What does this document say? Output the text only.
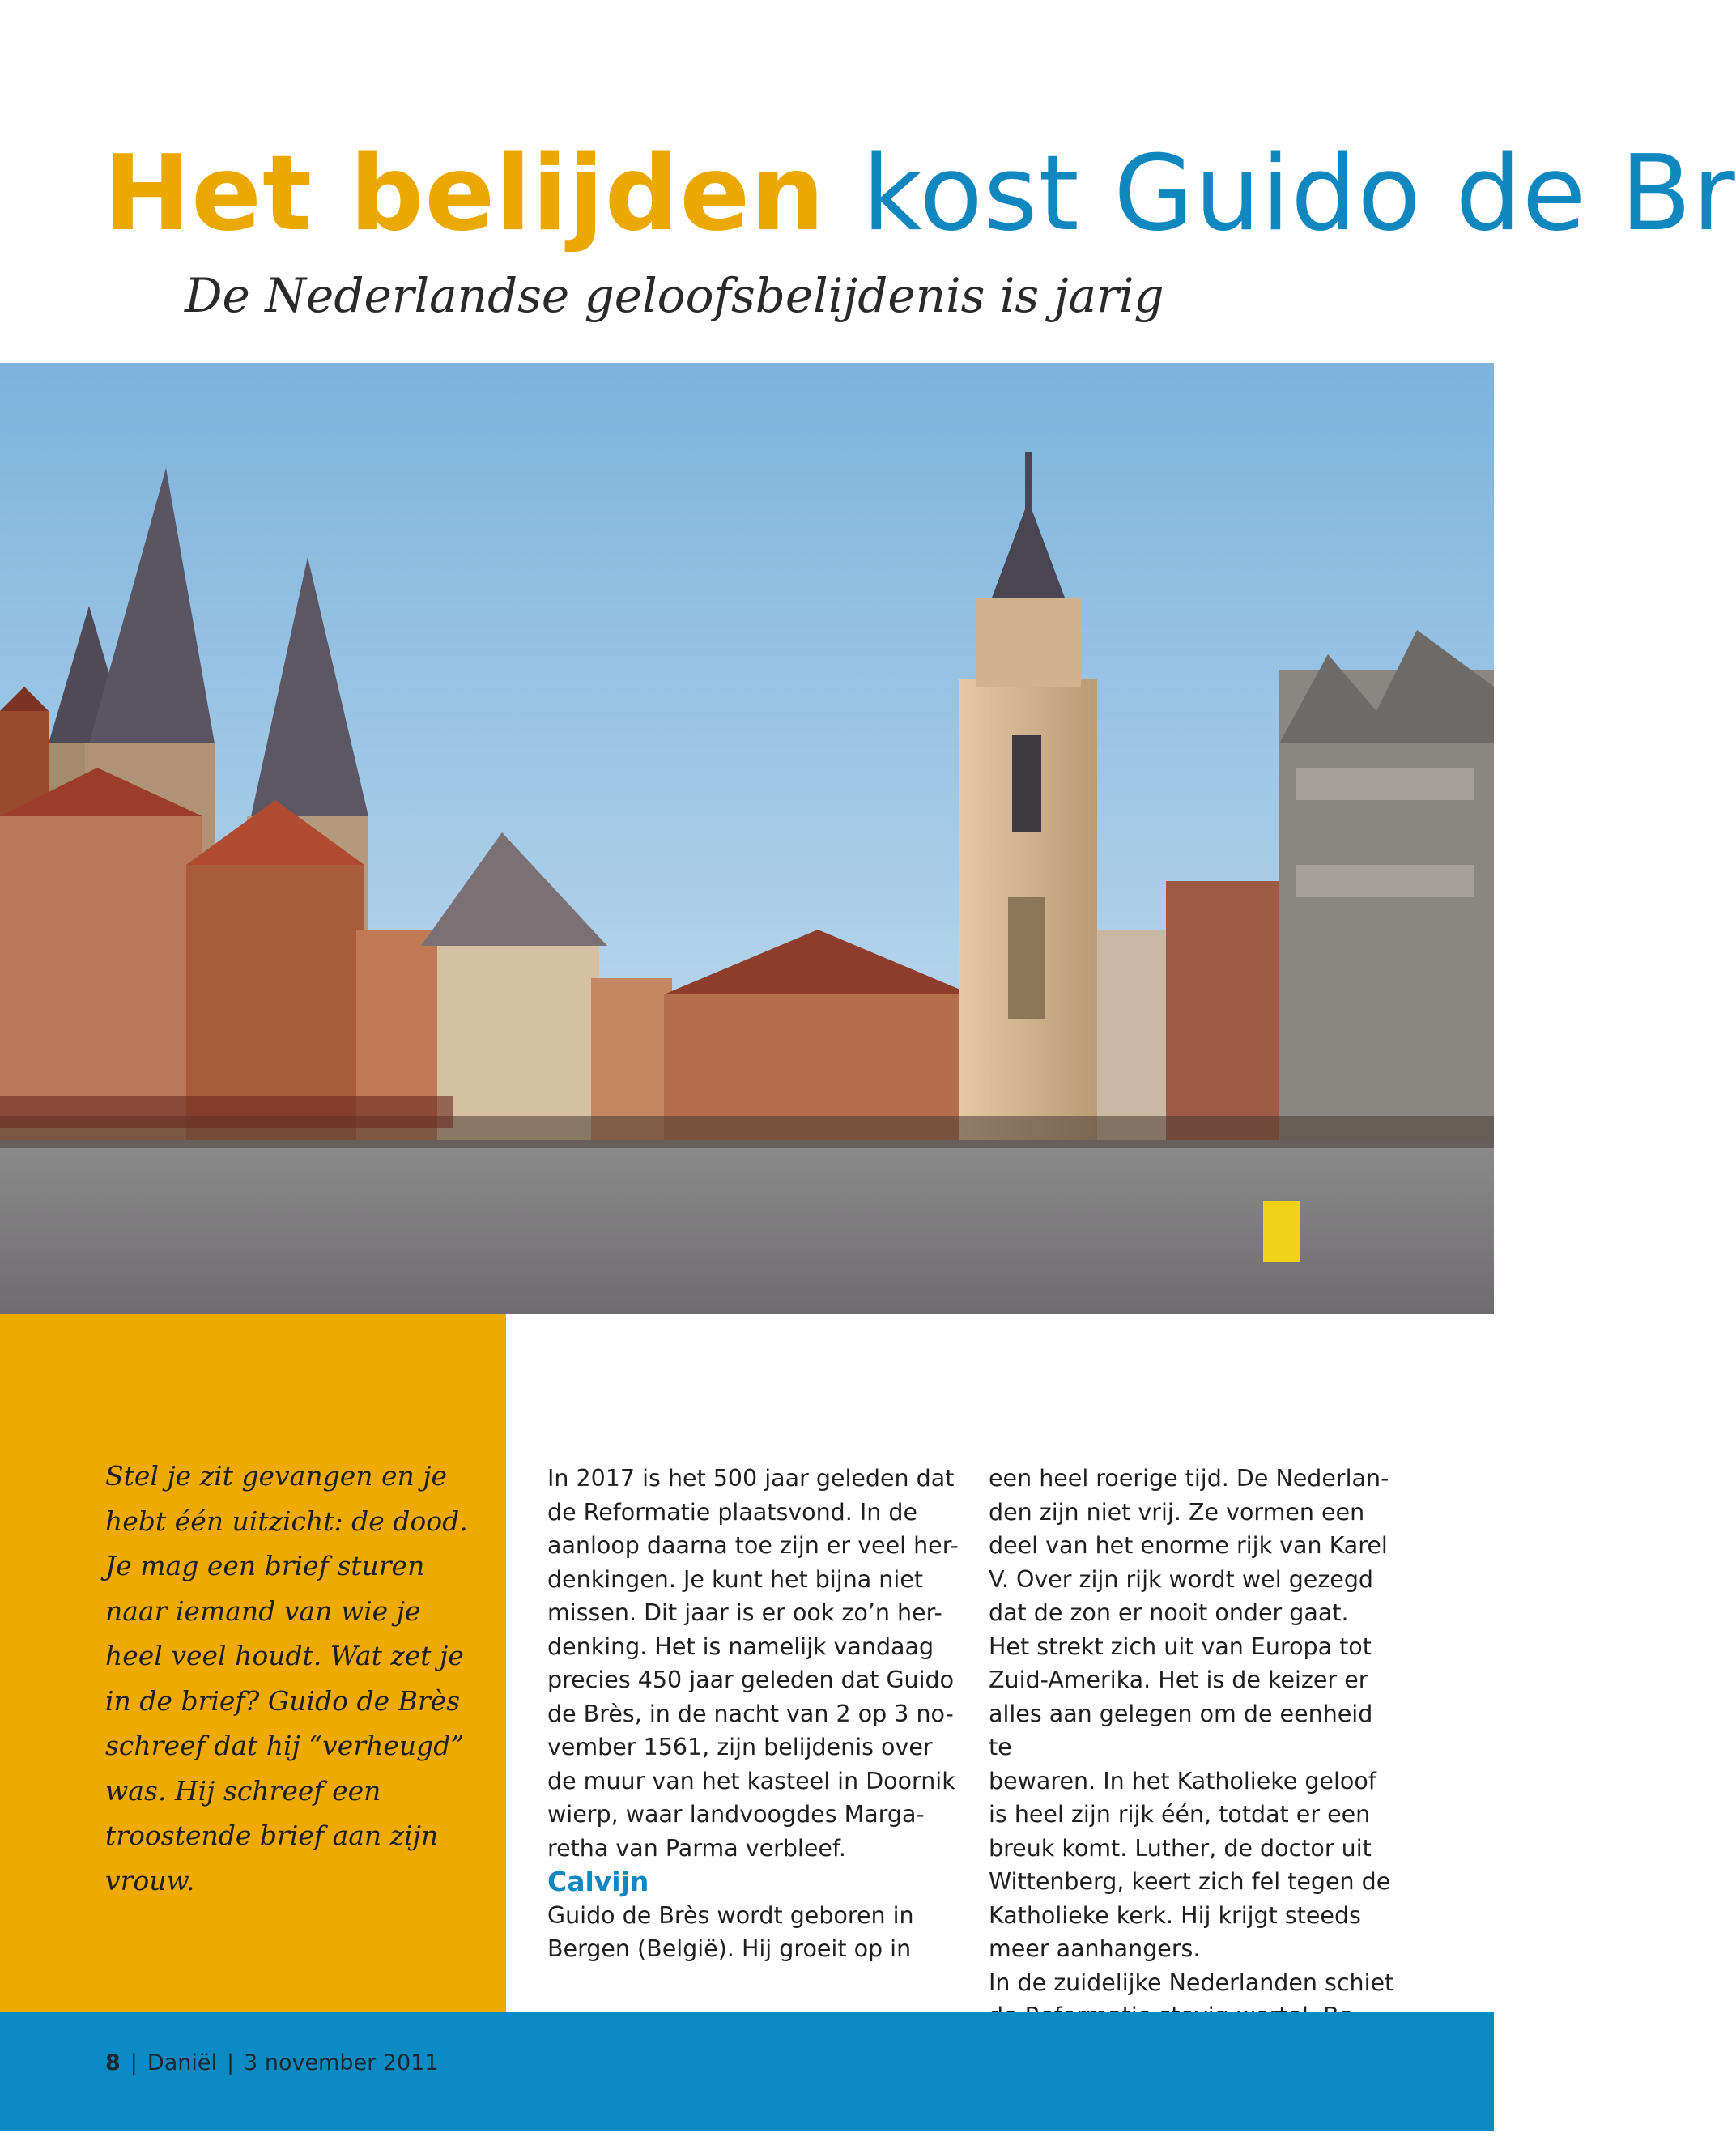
Het belijden kost Guido de Br

De Nederlandse geloofsbelijdenis is jarig

Stel je zit gevangen en je hebt één uitzicht: de dood. Je mag een brief sturen naar iemand van wie je heel veel houdt. Wat zet je in de brief? Guido de Brès schreef dat hij “verheugd” was. Hij schreef een troostende brief aan zijn vrouw.

In 2017 is het 500 jaar geleden dat
de Reformatie plaatsvond. In de
aanloop daarna toe zijn er veel her-
denkingen. Je kunt het bijna niet
missen. Dit jaar is er ook zo’n her-
denking. Het is namelijk vandaag
precies 450 jaar geleden dat Guido
de Brès, in de nacht van 2 op 3 no-
vember 1561, zijn belijdenis over
de muur van het kasteel in Doornik
wierp, waar landvoogdes Marga-
retha van Parma verbleef.

Calvijn

Guido de Brès wordt geboren in
Bergen (België). Hij groeit op in

een heel roerige tijd. De Nederlan-
den zijn niet vrij. Ze vormen een
deel van het enorme rijk van Karel
V. Over zijn rijk wordt wel gezegd
dat de zon er nooit onder gaat.
Het strekt zich uit van Europa tot
Zuid-Amerika. Het is de keizer er
alles aan gelegen om de eenheid te
bewaren. In het Katholieke geloof
is heel zijn rijk één, totdat er een
breuk komt. Luther, de doctor uit
Wittenberg, keert zich fel tegen de
Katholieke kerk. Hij krijgt steeds
meer aanhangers.
In de zuidelijke Nederlanden schiet

8 | Daniël | 3 november 2011
